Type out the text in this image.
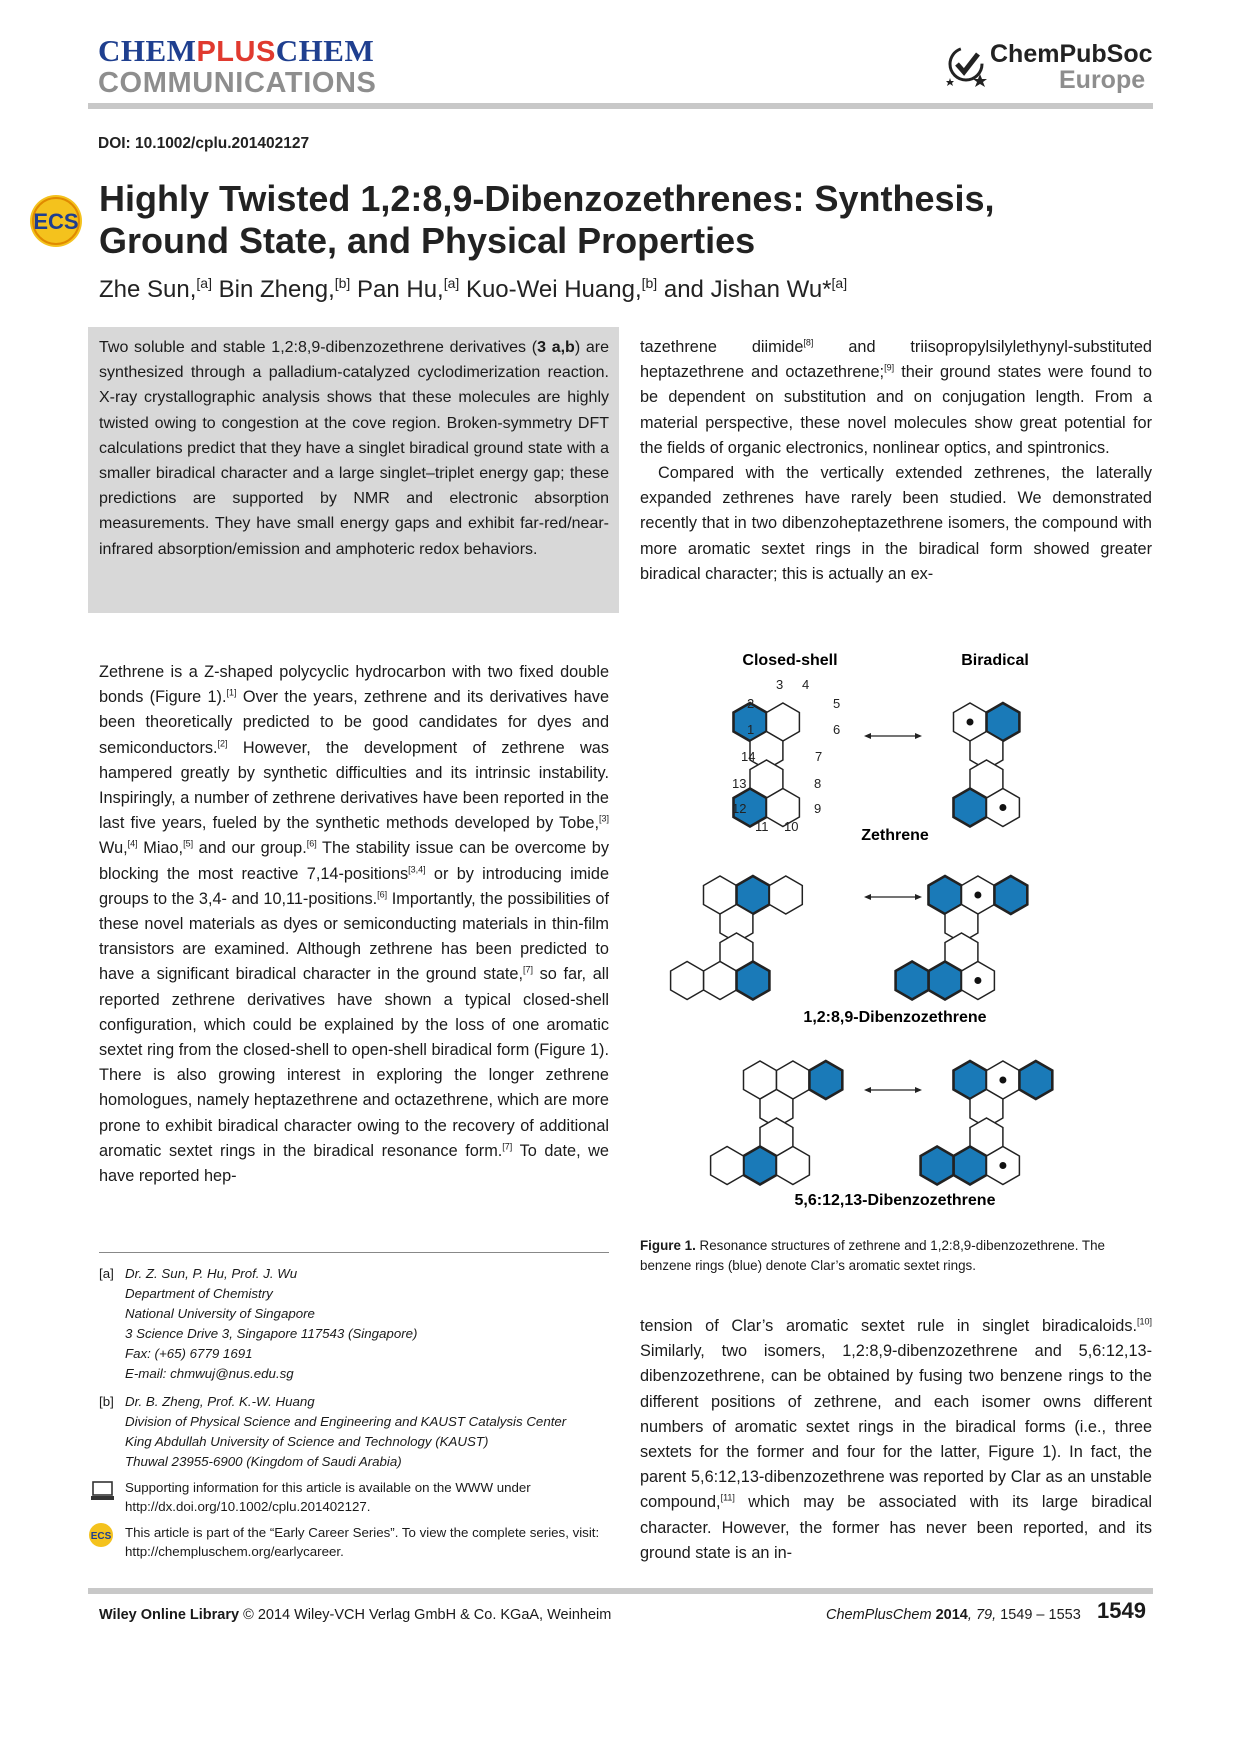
CHEMPLUSCHEM
COMMUNICATIONS
ChemPubSoc
Europe
DOI: 10.1002/cplu.201402127
ECS
Highly Twisted 1,2:8,9-Dibenzozethrenes: Synthesis, Ground State, and Physical Properties
Zhe Sun,[a] Bin Zheng,[b] Pan Hu,[a] Kuo-Wei Huang,[b] and Jishan Wu*[a]
Two soluble and stable 1,2:8,9-dibenzozethrene derivatives (3 a,b) are synthesized through a palladium-catalyzed cyclodimerization reaction. X-ray crystallographic analysis shows that these molecules are highly twisted owing to congestion at the cove region. Broken-symmetry DFT calculations predict that they have a singlet biradical ground state with a smaller biradical character and a large singlet–triplet energy gap; these predictions are supported by NMR and electronic absorption measurements. They have small energy gaps and exhibit far-red/near-infrared absorption/emission and amphoteric redox behaviors.

tazethrene diimide[8] and triisopropylsilylethynyl-substituted heptazethrene and octazethrene;[9] their ground states were found to be dependent on substitution and on conjugation length. From a material perspective, these novel molecules show great potential for the fields of organic electronics, nonlinear optics, and spintronics.

Compared with the vertically extended zethrenes, the laterally expanded zethrenes have rarely been studied. We demonstrated recently that in two dibenzoheptazethrene isomers, the compound with more aromatic sextet rings in the biradical form showed greater biradical character; this is actually an ex-

Zethrene is a Z-shaped polycyclic hydrocarbon with two fixed double bonds (Figure 1).[1] Over the years, zethrene and its derivatives have been theoretically predicted to be good candidates for dyes and semiconductors.[2] However, the development of zethrene was hampered greatly by synthetic difficulties and its intrinsic instability. Inspiringly, a number of zethrene derivatives have been reported in the last five years, fueled by the synthetic methods developed by Tobe,[3] Wu,[4] Miao,[5] and our group.[6] The stability issue can be overcome by blocking the most reactive 7,14-positions[3,4] or by introducing imide groups to the 3,4- and 10,11-positions.[6] Importantly, the possibilities of these novel materials as dyes or semiconducting materials in thin-film transistors are examined. Although zethrene has been predicted to have a significant biradical character in the ground state,[7] so far, all reported zethrene derivatives have shown a typical closed-shell configuration, which could be explained by the loss of one aromatic sextet ring from the closed-shell to open-shell biradical form (Figure 1). There is also growing interest in exploring the longer zethrene homologues, namely heptazethrene and octazethrene, which are more prone to exhibit biradical character owing to the recovery of additional aromatic sextet rings in the biradical resonance form.[7] To date, we have reported hep-
Closed-shell	Biradical
Zethrene
1,2:8,9-Dibenzozethrene
5,6:12,13-Dibenzozethrene
3 4
2	5
1	6
14	7
13	8
12	9
11 10
Figure 1. Resonance structures of zethrene and 1,2:8,9-dibenzozethrene. The benzene rings (blue) denote Clar’s aromatic sextet rings.
tension of Clar’s aromatic sextet rule in singlet biradicaloids.[10] Similarly, two isomers, 1,2:8,9-dibenzozethrene and 5,6:12,13-dibenzozethrene, can be obtained by fusing two benzene rings to the different positions of zethrene, and each isomer owns different numbers of aromatic sextet rings in the biradical forms (i.e., three sextets for the former and four for the latter, Figure 1). In fact, the parent 5,6:12,13-dibenzozethrene was reported by Clar as an unstable compound,[11] which may be associated with its large biradical character. However, the former has never been reported, and its ground state is an in-
[a] Dr. Z. Sun, P. Hu, Prof. J. Wu
Department of Chemistry
National University of Singapore
3 Science Drive 3, Singapore 117543 (Singapore)
Fax: (+65) 6779 1691
E-mail: chmwuj@nus.edu.sg
[b] Dr. B. Zheng, Prof. K.-W. Huang
Division of Physical Science and Engineering and KAUST Catalysis Center
King Abdullah University of Science and Technology (KAUST)
Thuwal 23955-6900 (Kingdom of Saudi Arabia)
Supporting information for this article is available on the WWW under http://dx.doi.org/10.1002/cplu.201402127.
ECS This article is part of the “Early Career Series”. To view the complete series, visit: http://chempluschem.org/earlycareer.
Wiley Online Library © 2014 Wiley-VCH Verlag GmbH & Co. KGaA, Weinheim	ChemPlusChem 2014, 79, 1549 – 1553 1549
